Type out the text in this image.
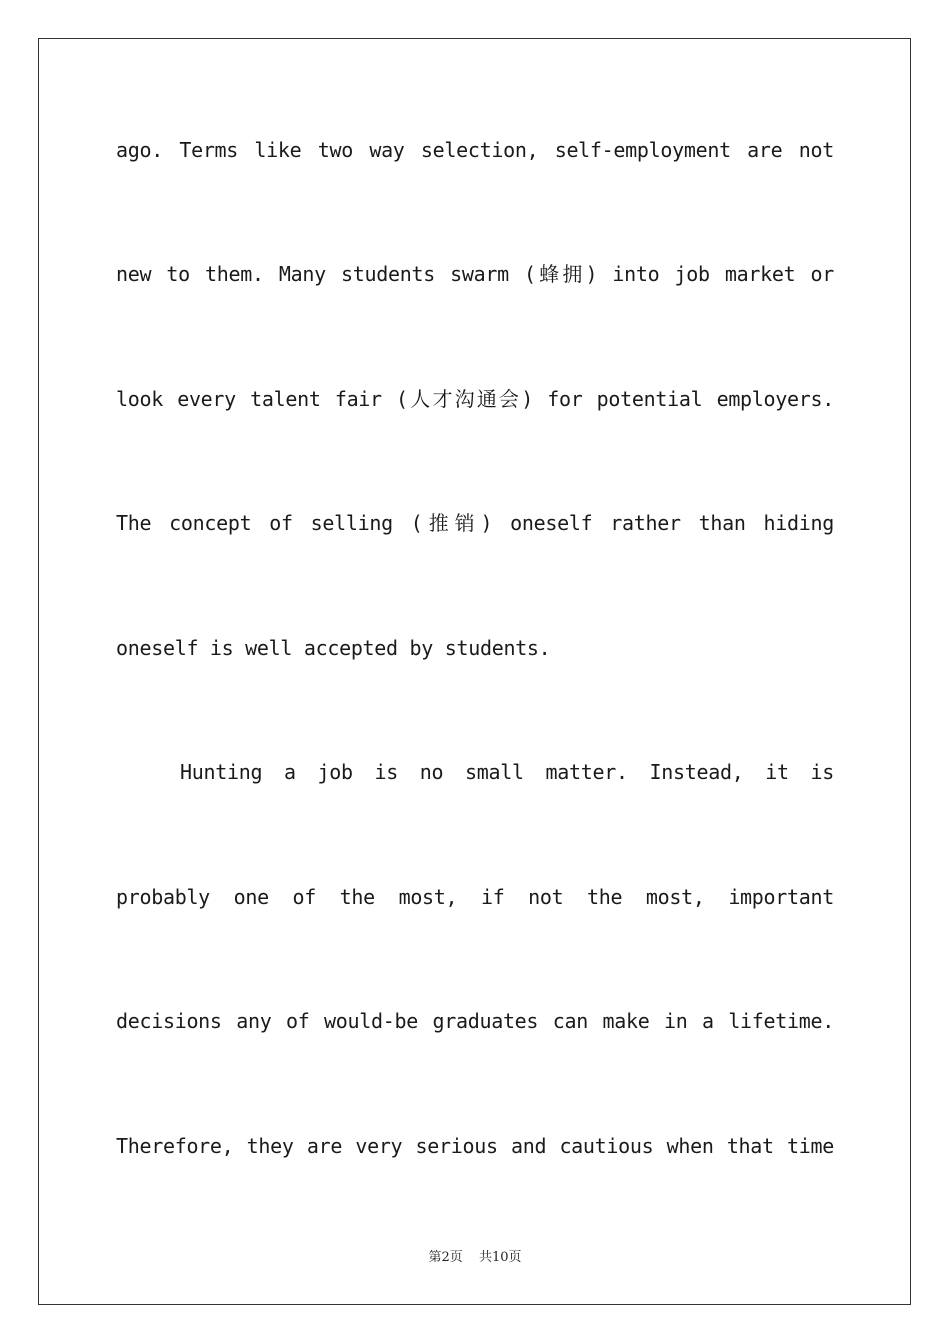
ago. Terms like two way selection, self-employment are not
new to them. Many students swarm (蜂拥) into job market or
look every talent fair (人才沟通会) for potential employers.
The concept of selling (推销) oneself rather than hiding
oneself is well accepted by students.
Hunting a job is no small matter. Instead, it is
probably one of the most, if not the most, important
decisions any of would-be graduates can make in a lifetime.
Therefore, they are very serious and cautious when that time
第2页 共10页
